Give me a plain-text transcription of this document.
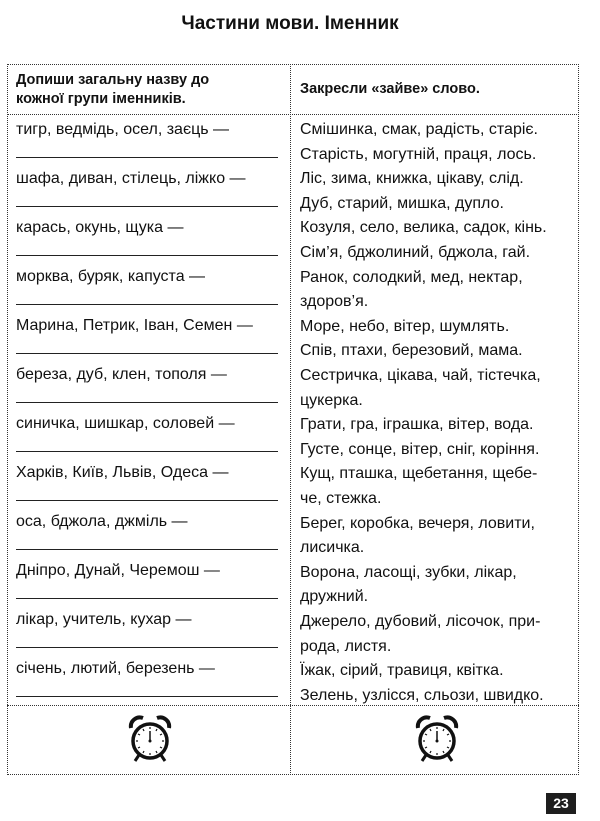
Частини мови. Іменник
Допиши загальну назву до
кожної групи іменників.
Закресли «зайве» слово.
тигр, ведмідь, осел, заєць —
шафа, диван, стілець, ліжко —
карась, окунь, щука —
морква, буряк, капуста —
Марина, Петрик, Іван, Семен —
береза, дуб, клен, тополя —
синичка, шишкар, соловей —
Харків, Київ, Львів, Одеса —
оса, бджола, джміль —
Дніпро, Дунай, Черемош —
лікар, учитель, кухар —
січень, лютий, березень —
Смішинка, смак, радість, старіє.
Старість, могутній, праця, лось.
Ліс, зима, книжка, цікаву, слід.
Дуб, старий, мишка, дупло.
Козуля, село, велика, садок, кінь.
Сім’я, бджолиний, бджола, гай.
Ранок, солодкий, мед, нектар,
здоров’я.
Море, небо, вітер, шумлять.
Спів, птахи, березовий, мама.
Сестричка, цікава, чай, тістечка,
цукерка.
Грати, гра, іграшка, вітер, вода.
Густе, сонце, вітер, сніг, коріння.
Кущ, пташка, щебетання, щебе-
че, стежка.
Берег, коробка, вечеря, ловити,
лисичка.
Ворона, ласощі, зубки, лікар,
дружний.
Джерело, дубовий, лісочок, при-
рода, листя.
Їжак, сірий, травиця, квітка.
Зелень, узлісся, сльози, швидко.
23
